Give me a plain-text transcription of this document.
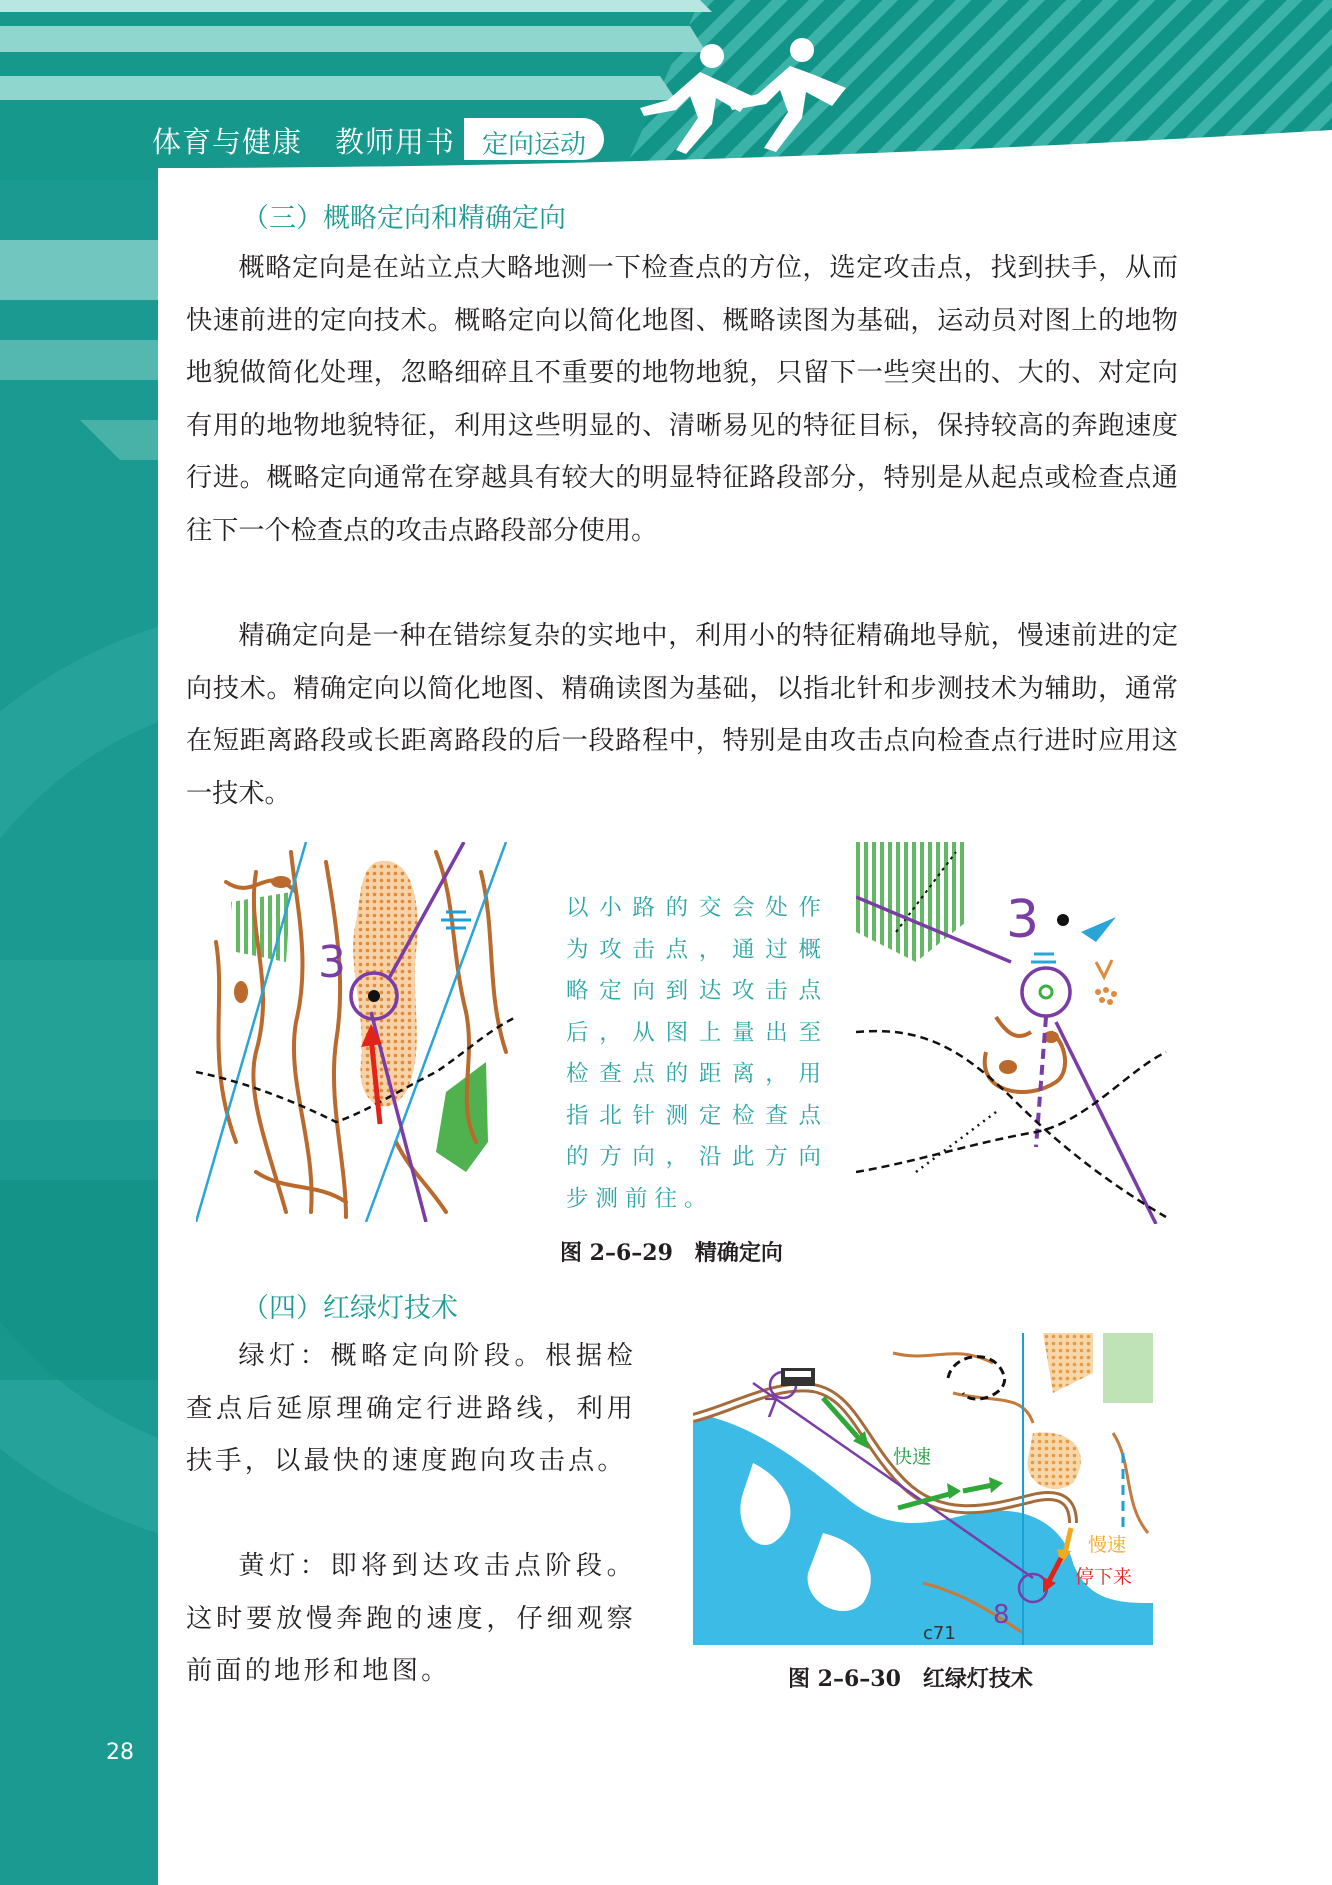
体育与健康 教师用书 定向运动
28
（三）概略定向和精确定向
概略定向是在站立点大略地测一下检查点的方位，选定攻击点，找到扶手，从而快速前进的定向技术。概略定向以简化地图、概略读图为基础，运动员对图上的地物地貌做简化处理，忽略细碎且不重要的地物地貌，只留下一些突出的、大的、对定向有用的地物地貌特征，利用这些明显的、清晰易见的特征目标，保持较高的奔跑速度行进。概略定向通常在穿越具有较大的明显特征路段部分，特别是从起点或检查点通往下一个检查点的攻击点路段部分使用。
精确定向是一种在错综复杂的实地中，利用小的特征精确地导航，慢速前进的定向技术。精确定向以简化地图、精确读图为基础，以指北针和步测技术为辅助，通常在短距离路段或长距离路段的后一段路程中，特别是由攻击点向检查点行进时应用这一技术。
3
以小路的交会处作为攻击点，通过概略定向到达攻击点后，从图上量出至检查点的距离，用指北针测定检查点的方向，沿此方向步测前往。
3
图 2–6–29　精确定向
（四）红绿灯技术
绿灯：概略定向阶段。根据检查点后延原理确定行进路线，利用扶手，以最快的速度跑向攻击点。
黄灯：即将到达攻击点阶段。这时要放慢奔跑的速度，仔细观察前面的地形和地图。
7
8
快速
慢速
停下来
c71
图 2–6–30　红绿灯技术
